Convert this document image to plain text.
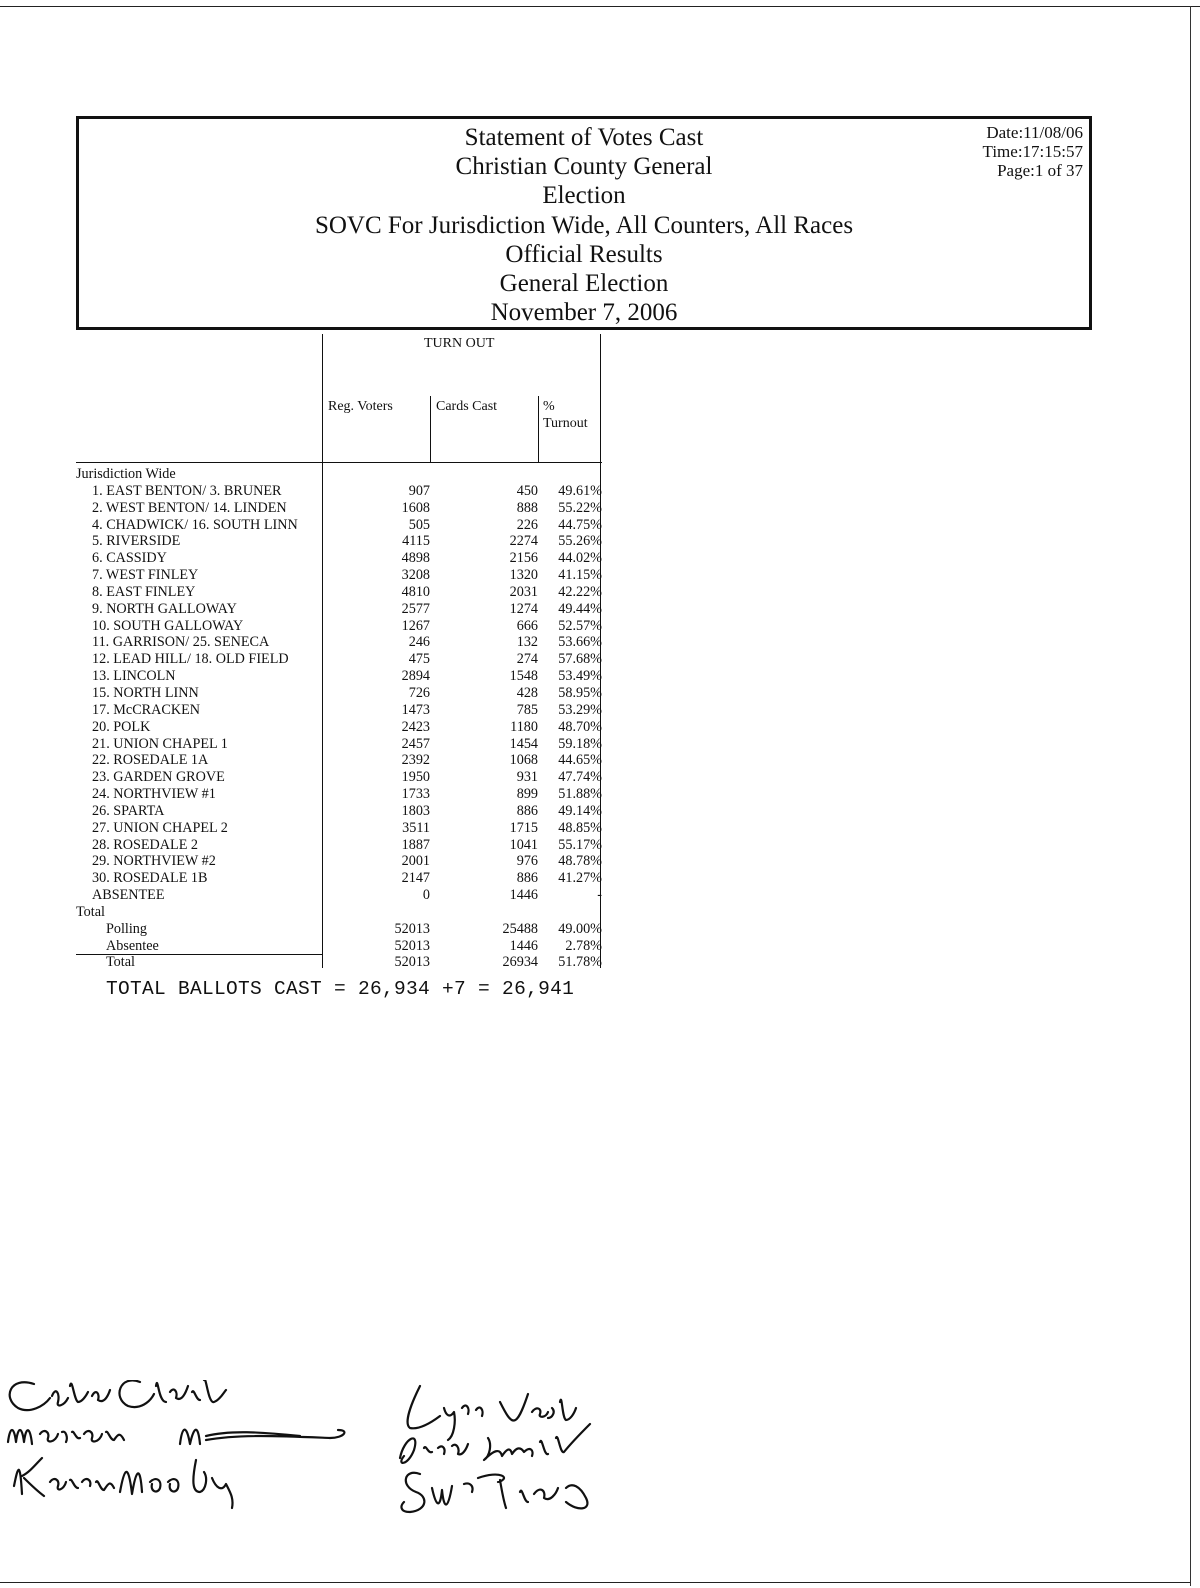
Statement of Votes Cast
Christian County General
Election
SOVC For Jurisdiction Wide, All Counters, All Races
Official Results
General Election
November 7, 2006
Date:11/08/06
Time:17:15:57
Page:1 of 37
TURN OUT
Reg. Voters	Cards Cast	%
Turnout
Jurisdiction Wide
1. EAST BENTON/ 3. BRUNER	907	450 49.61%
2. WEST BENTON/ 14. LINDEN	1608	888 55.22%
4. CHADWICK/ 16. SOUTH LINN	505	226 44.75%
5. RIVERSIDE	4115	2274 55.26%
6. CASSIDY	4898	2156 44.02%
7. WEST FINLEY	3208	1320 41.15%
8. EAST FINLEY	4810	2031 42.22%
9. NORTH GALLOWAY	2577	1274 49.44%
10. SOUTH GALLOWAY	1267	666 52.57%
11. GARRISON/ 25. SENECA	246	132 53.66%
12. LEAD HILL/ 18. OLD FIELD	475	274 57.68%
13. LINCOLN	2894	1548 53.49%
15. NORTH LINN	726	428 58.95%
17. McCRACKEN	1473	785 53.29%
20. POLK	2423	1180 48.70%
21. UNION CHAPEL 1	2457	1454 59.18%
22. ROSEDALE 1A	2392	1068 44.65%
23. GARDEN GROVE	1950	931 47.74%
24. NORTHVIEW #1	1733	899 51.88%
26. SPARTA	1803	886 49.14%
27. UNION CHAPEL 2	3511	1715 48.85%
28. ROSEDALE 2	1887	1041 55.17%
29. NORTHVIEW #2	2001	976 48.78%
30. ROSEDALE 1B	2147	886 41.27%
ABSENTEE	0	1446	-
Total
Polling	52013	25488 49.00%
Absentee	52013	1446 2.78%
Total	52013	26934 51.78%
TOTAL BALLOTS CAST = 26,934 +7 = 26,941
